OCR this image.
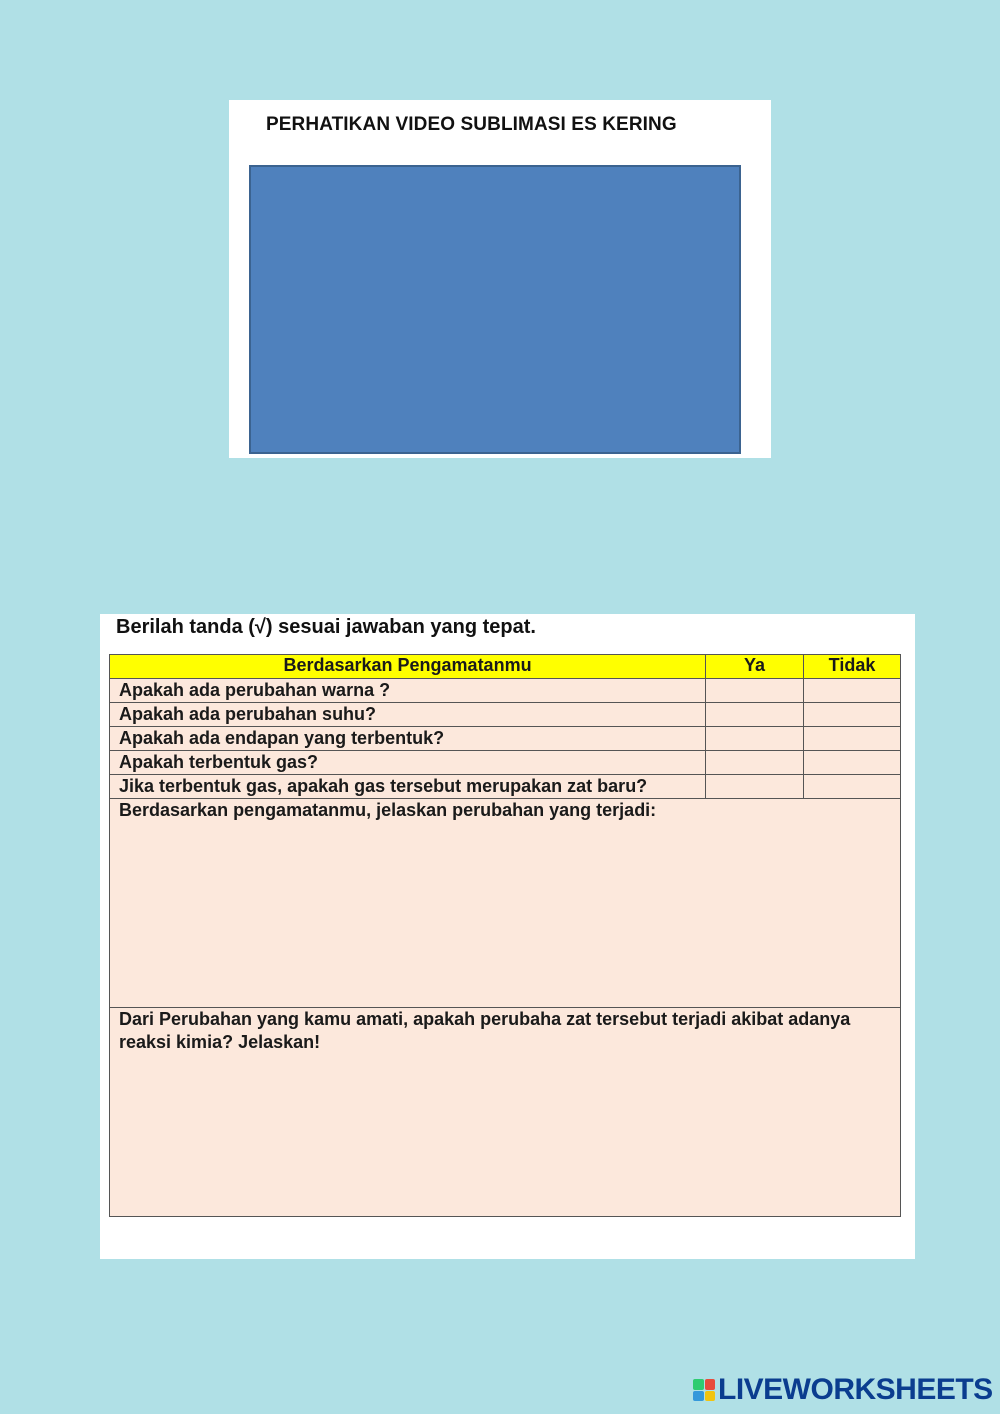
PERHATIKAN VIDEO SUBLIMASI ES KERING
Berilah tanda (√) sesuai jawaban yang tepat.
Berdasarkan Pengamatanmu	Ya	Tidak
Apakah ada perubahan warna ?		
Apakah ada perubahan suhu?		
Apakah ada endapan yang terbentuk?		
Apakah terbentuk gas?		
Jika terbentuk gas, apakah gas tersebut merupakan zat baru?		
Berdasarkan pengamatanmu, jelaskan perubahan yang terjadi:		
Dari Perubahan yang kamu amati, apakah perubaha zat tersebut terjadi akibat adanya reaksi kimia? Jelaskan!		
LIVEWORKSHEETS
